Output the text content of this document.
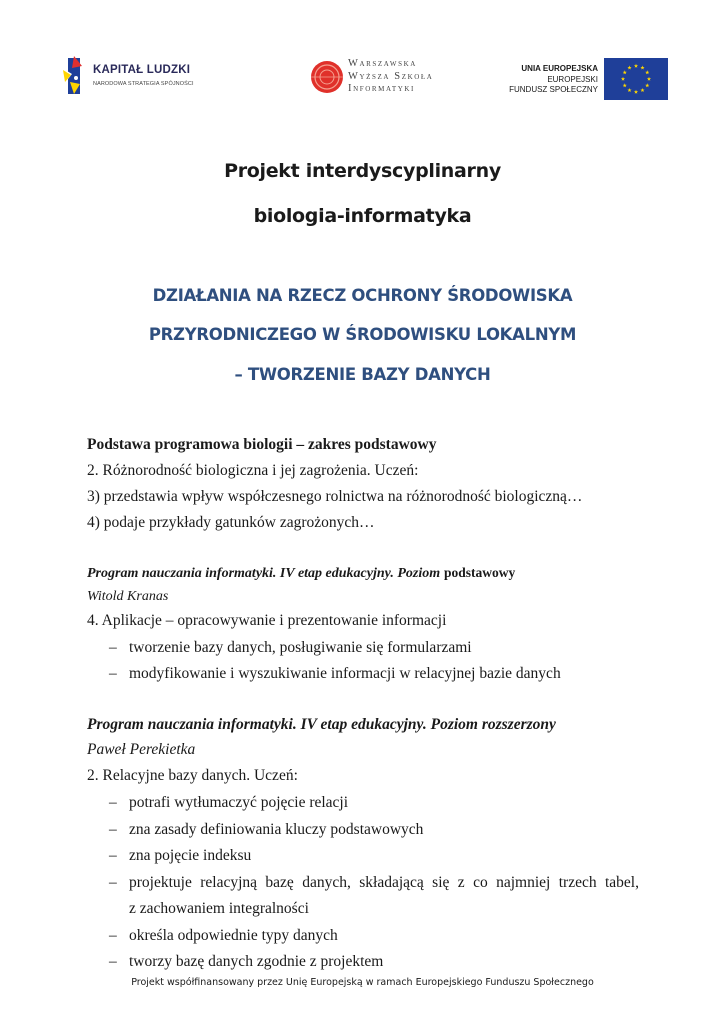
KAPITAŁ LUDZKI
NARODOWA STRATEGIA SPÓJNOŚCI
Warszawska
Wyższa Szkoła
Informatyki
UNIA EUROPEJSKA
EUROPEJSKI
FUNDUSZ SPOŁECZNY
Projekt interdyscyplinarny
biologia-informatyka
DZIAŁANIA NA RZECZ OCHRONY ŚRODOWISKA
PRZYRODNICZEGO W ŚRODOWISKU LOKALNYM
– TWORZENIE BAZY DANYCH
Podstawa programowa biologii – zakres podstawowy
2. Różnorodność biologiczna i jej zagrożenia. Uczeń:
3) przedstawia wpływ współczesnego rolnictwa na różnorodność biologiczną…
4) podaje przykłady gatunków zagrożonych…
Program nauczania informatyki. IV etap edukacyjny. Poziom podstawowy
Witold Kranas
4. Aplikacje – opracowywanie i prezentowanie informacji
– tworzenie bazy danych, posługiwanie się formularzami
– modyfikowanie i wyszukiwanie informacji w relacyjnej bazie danych
Program nauczania informatyki. IV etap edukacyjny. Poziom rozszerzony
Paweł Perekietka
2. Relacyjne bazy danych. Uczeń:
– potrafi wytłumaczyć pojęcie relacji
– zna zasady definiowania kluczy podstawowych
– zna pojęcie indeksu
– projektuje relacyjną bazę danych, składającą się z co najmniej trzech tabel,
z zachowaniem integralności
– określa odpowiednie typy danych
– tworzy bazę danych zgodnie z projektem
Projekt współfinansowany przez Unię Europejską w ramach Europejskiego Funduszu Społecznego
